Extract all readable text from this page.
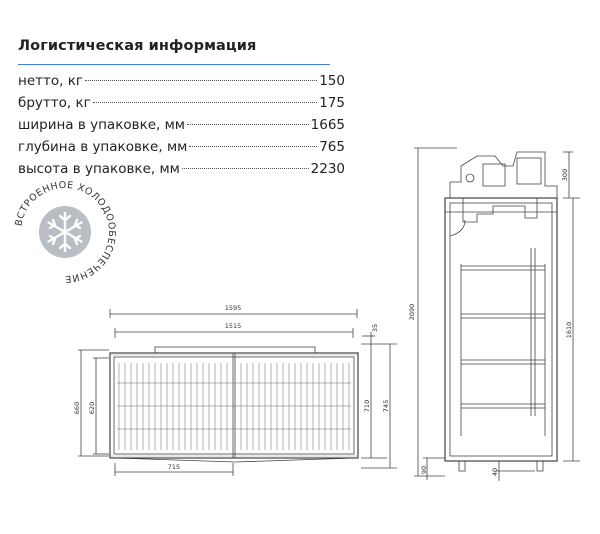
Логистическая информация
нетто, кг	150
брутто, кг	175
ширина в упаковке, мм	1665
глубина в упаковке, мм	765
высота в упаковке, мм	2230
ВСТРОЕННОЕ ХОЛОДООБЕСПЕЧЕНИЕ
1595
1515
715
660 620
35
710 745
2090
300
1610
90	40
